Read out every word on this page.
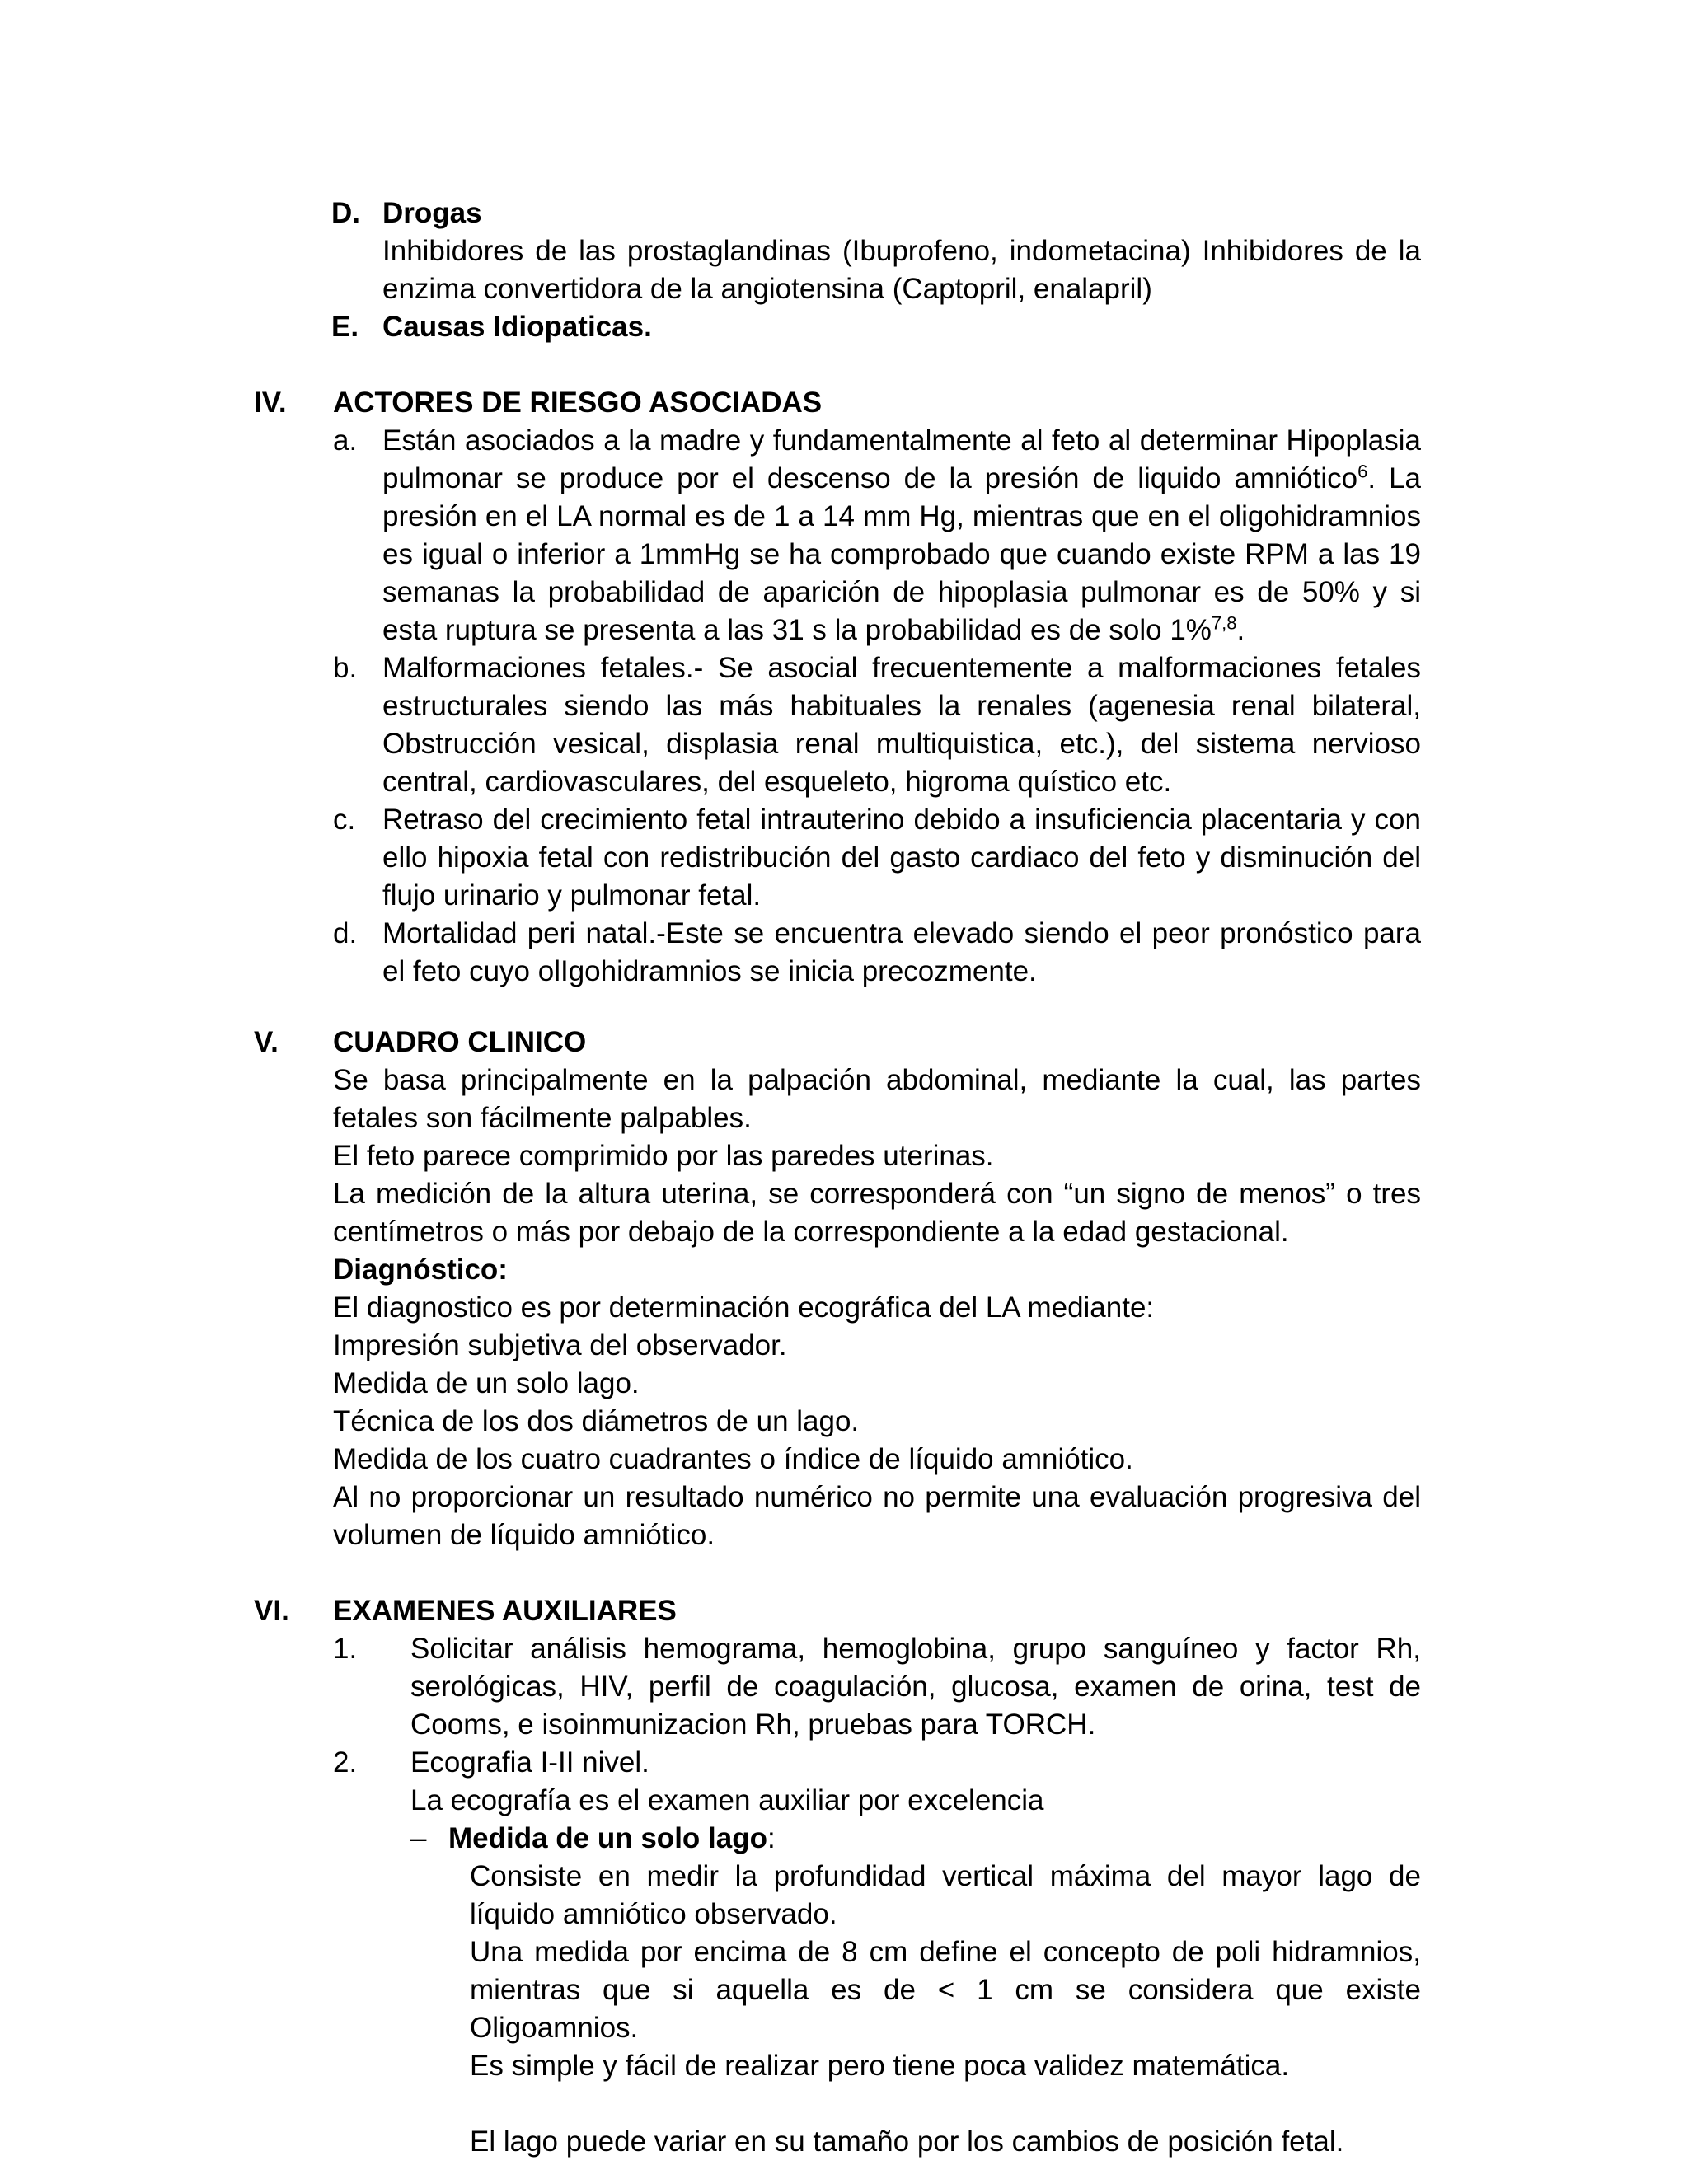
D. Drogas
Inhibidores de las prostaglandinas (Ibuprofeno, indometacina) Inhibidores de la enzima convertidora de la angiotensina (Captopril, enalapril)
E. Causas Idiopaticas.
IV. ACTORES DE RIESGO ASOCIADAS
a. Están asociados a la madre y fundamentalmente al feto al determinar Hipoplasia pulmonar se produce por el descenso de la presión de liquido amniótico$^6$. La presión en el LA normal es de 1 a 14 mm Hg, mientras que en el oligohidramnios es igual o inferior a 1mmHg se ha comprobado que cuando existe RPM a las 19 semanas la probabilidad de aparición de hipoplasia pulmonar es de 50% y si esta ruptura se presenta a las 31 s la probabilidad es de solo 1%$^{7,8}$.
b. Malformaciones fetales.- Se asocial frecuentemente a malformaciones fetales estructurales siendo las más habituales la renales (agenesia renal bilateral, Obstrucción vesical, displasia renal multiquistica, etc.), del sistema nervioso central, cardiovasculares, del esqueleto, higroma quístico etc.
c. Retraso del crecimiento fetal intrauterino debido a insuficiencia placentaria y con ello hipoxia fetal con redistribución del gasto cardiaco del feto y disminución del flujo urinario y pulmonar fetal.
d. Mortalidad peri natal.-Este se encuentra elevado siendo el peor pronóstico para el feto cuyo olIgohidramnios se inicia precozmente.
V. CUADRO CLINICO
Se basa principalmente en la palpación abdominal, mediante la cual, las partes fetales son fácilmente palpables.
El feto parece comprimido por las paredes uterinas.
La medición de la altura uterina, se corresponderá con “un signo de menos” o tres centímetros o más por debajo de la correspondiente a la edad gestacional.
Diagnóstico:
El diagnostico es por determinación ecográfica del LA mediante:
Impresión subjetiva del observador.
Medida de un solo lago.
Técnica de los dos diámetros de un lago.
Medida de los cuatro cuadrantes o índice de líquido amniótico.
Al no proporcionar un resultado numérico no permite una evaluación progresiva del volumen de líquido amniótico.
VI. EXAMENES AUXILIARES
1. Solicitar análisis hemograma, hemoglobina, grupo sanguíneo y factor Rh, serológicas, HIV, perfil de coagulación, glucosa, examen de orina, test de Cooms, e isoinmunizacion Rh, pruebas para TORCH.
2. Ecografia I-II nivel.
La ecografía es el examen auxiliar por excelencia
– Medida de un solo lago:
Consiste en medir la profundidad vertical máxima del mayor lago de líquido amniótico observado.
Una medida por encima de 8 cm define el concepto de poli hidramnios, mientras que si aquella es de < 1 cm se considera que existe Oligoamnios.
Es simple y fácil de realizar pero tiene poca validez matemática.
El lago puede variar en su tamaño por los cambios de posición fetal.
